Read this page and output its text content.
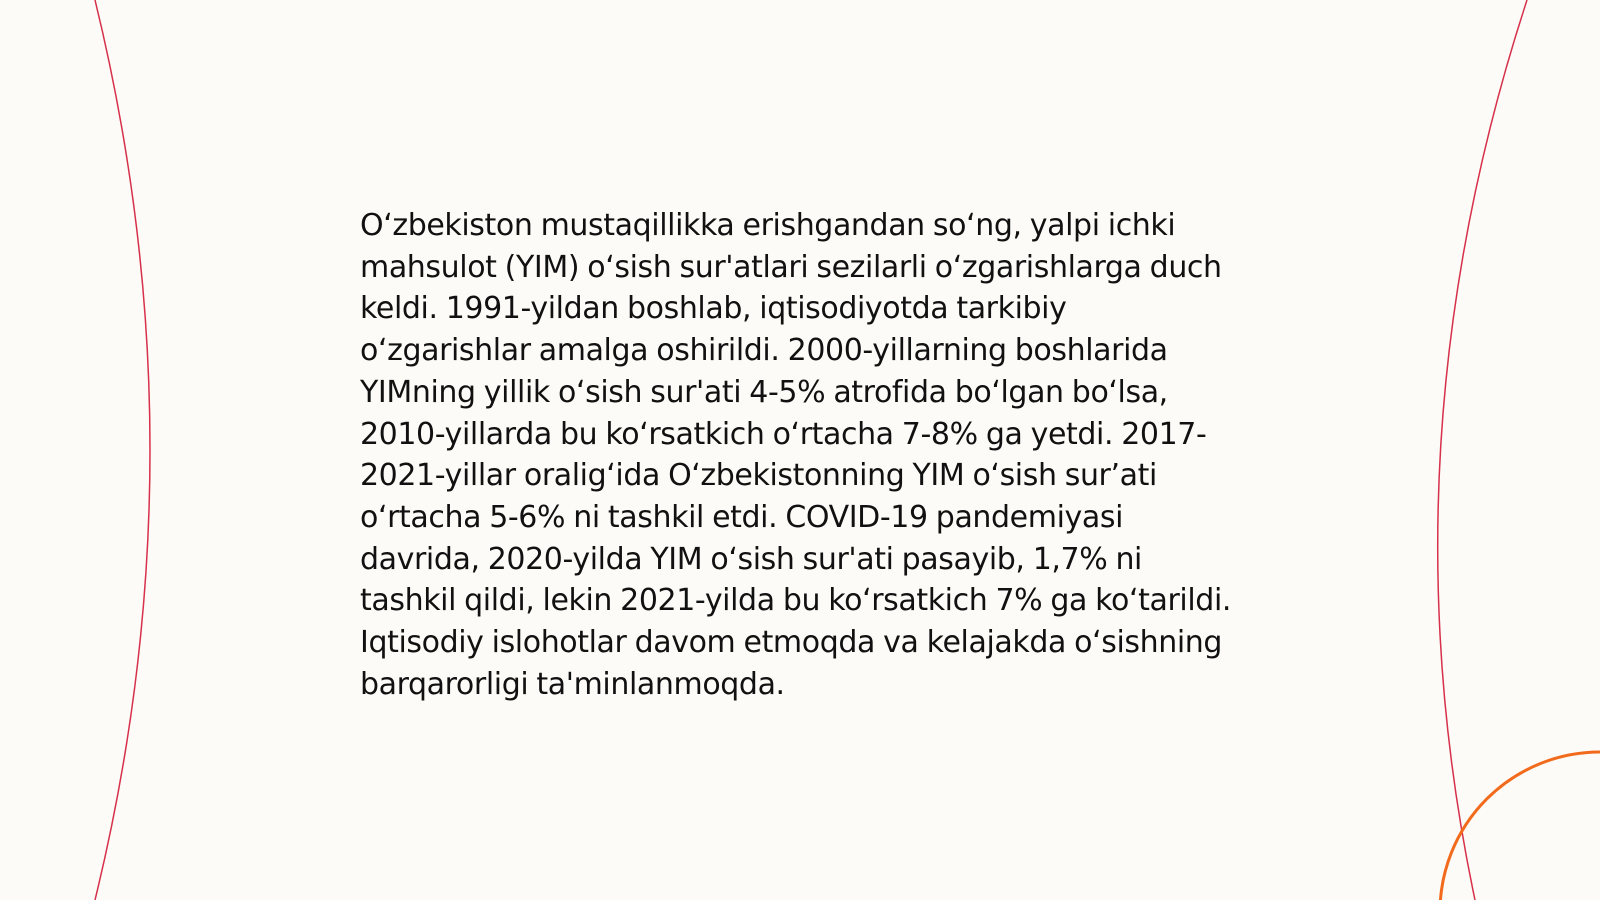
O‘zbekiston mustaqillikka erishgandan so‘ng, yalpi ichki mahsulot (YIM) o‘sish sur'atlari sezilarli o‘zgarishlarga duch keldi. 1991-yildan boshlab, iqtisodiyotda tarkibiy o‘zgarishlar amalga oshirildi. 2000-yillarning boshlarida YIMning yillik o‘sish sur'ati 4-5% atrofida bo‘lgan bo‘lsa, 2010-yillarda bu ko‘rsatkich o‘rtacha 7-8% ga yetdi. 2017-2021-yillar oralig‘ida O‘zbekistonning YIM o‘sish sur’ati o‘rtacha 5-6% ni tashkil etdi. COVID-19 pandemiyasi davrida, 2020-yilda YIM o‘sish sur'ati pasayib, 1,7% ni tashkil qildi, lekin 2021-yilda bu ko‘rsatkich 7% ga ko‘tarildi. Iqtisodiy islohotlar davom etmoqda va kelajakda o‘sishning barqarorligi ta'minlanmoqda.
